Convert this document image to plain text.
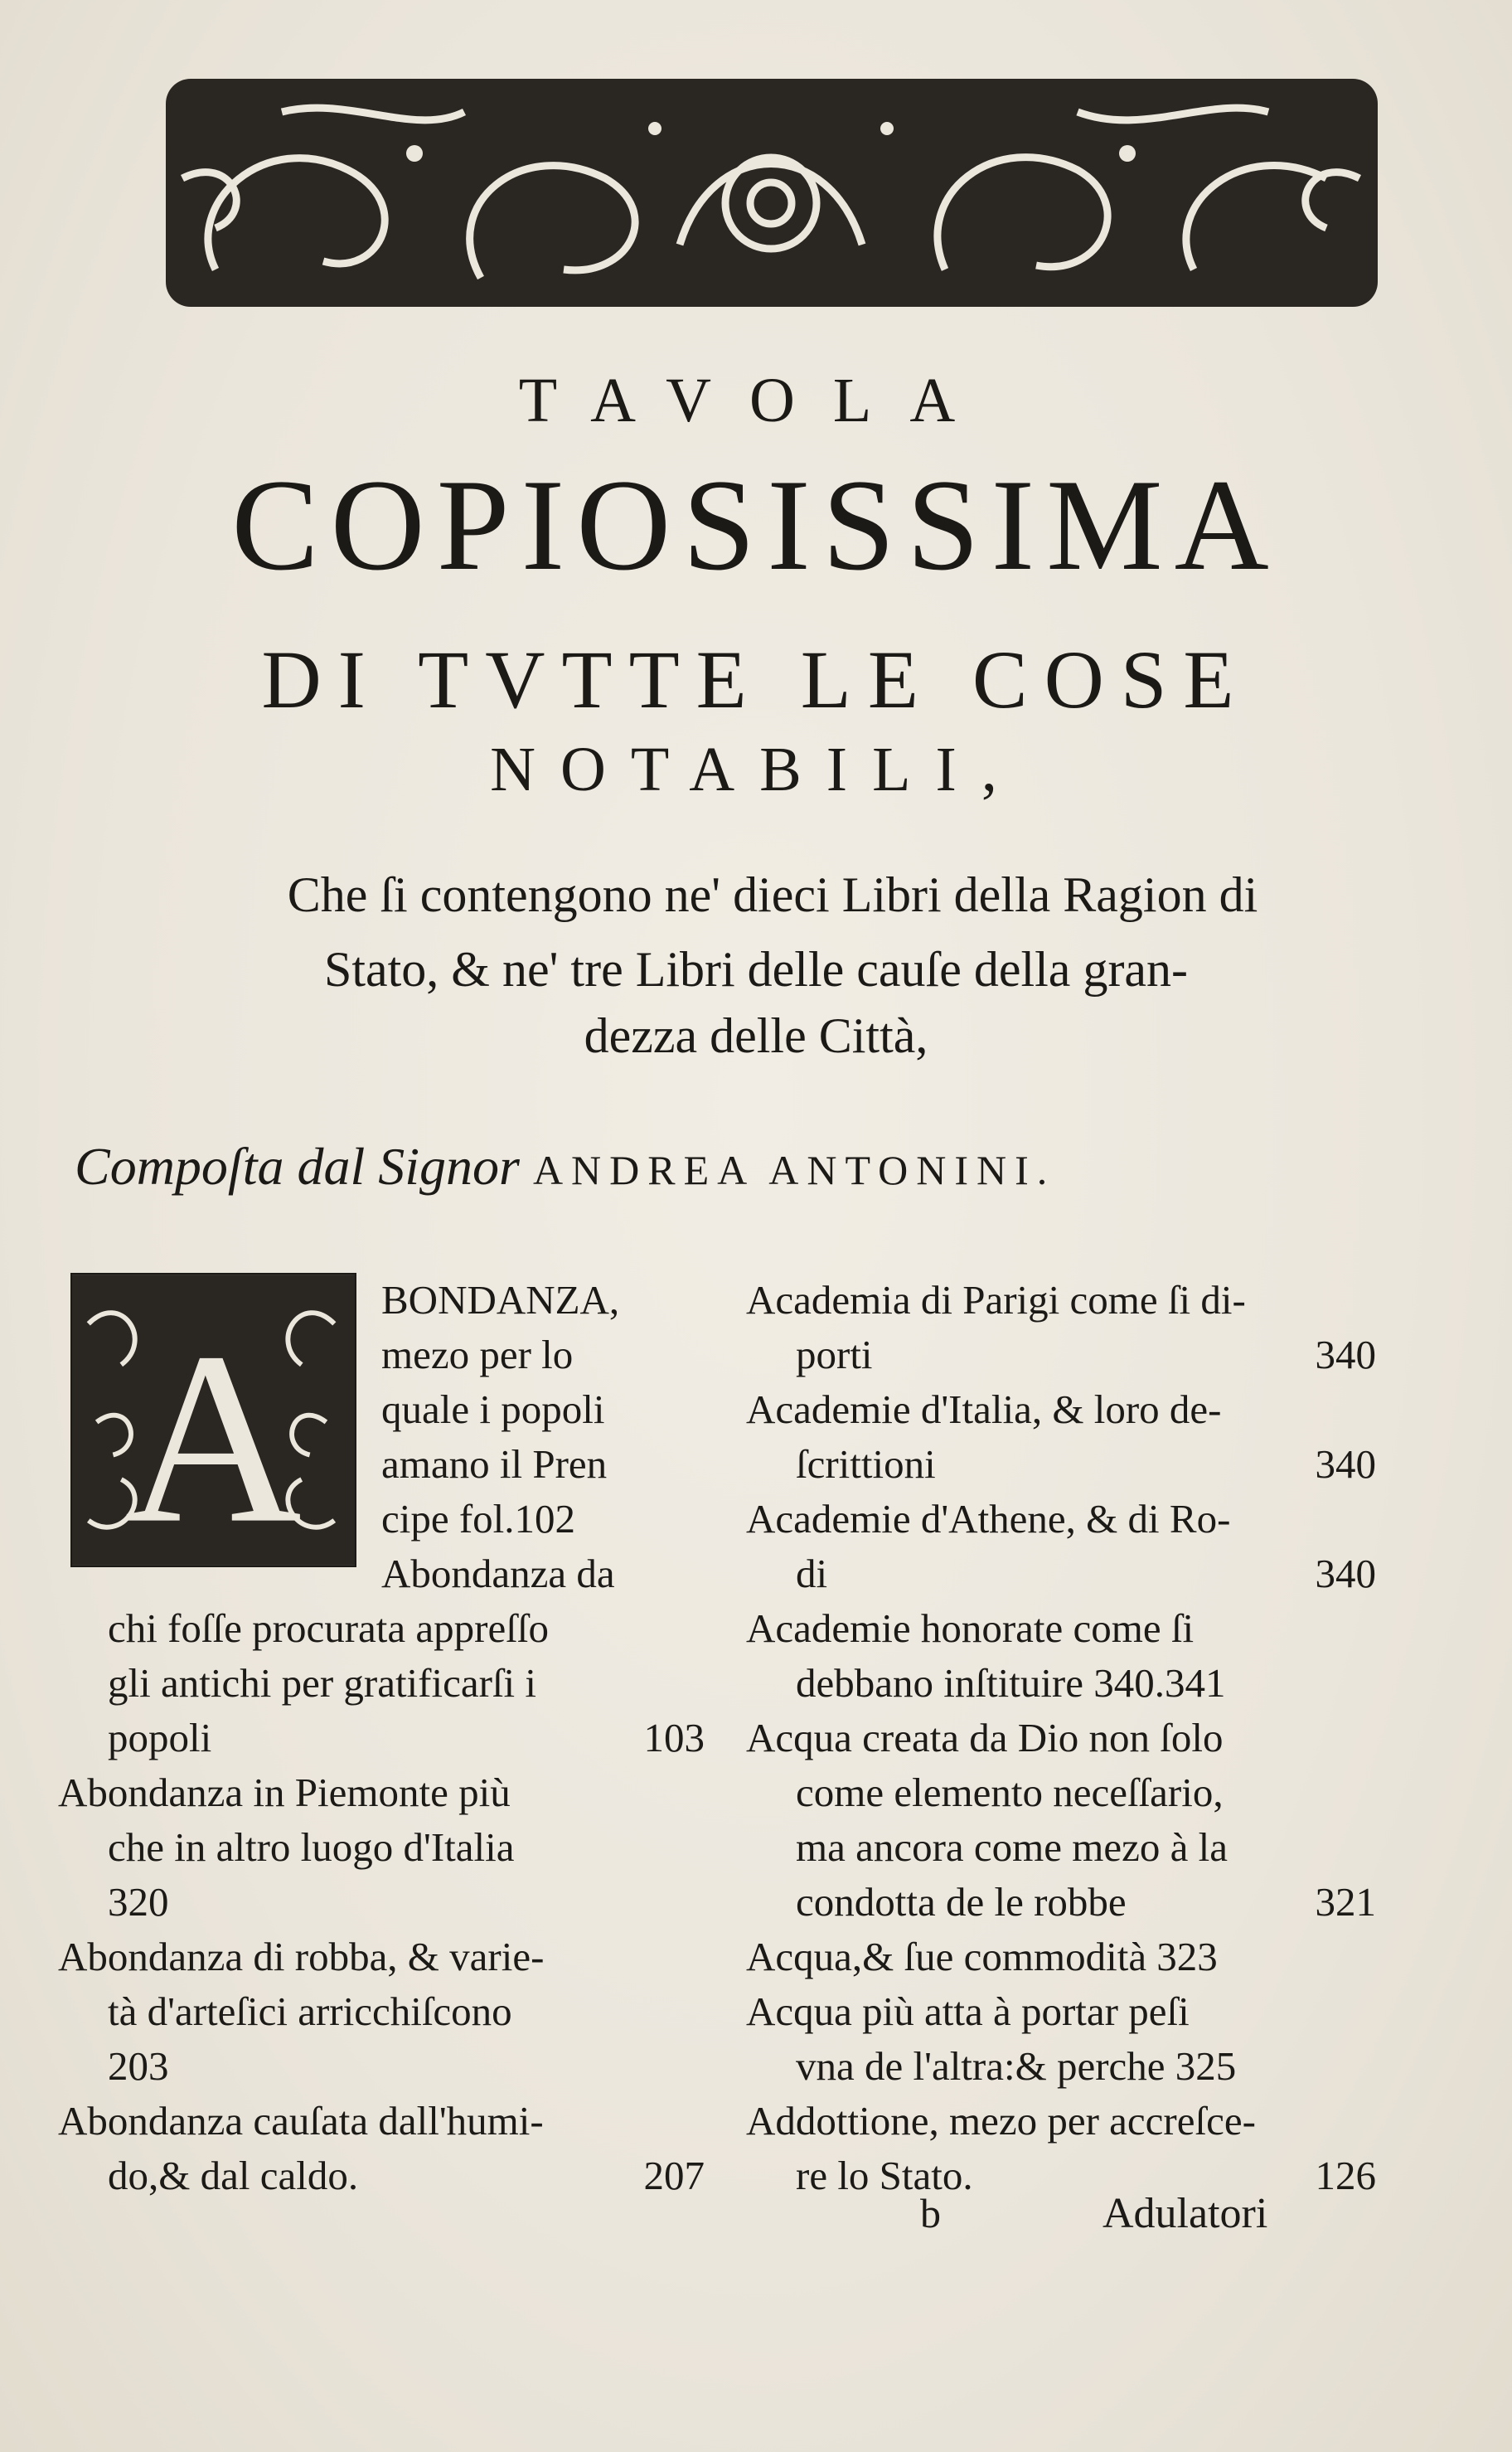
TAVOLA
COPIOSISSIMA
DI TVTTE LE COSE
NOTABILI,
Che ſi contengono ne' dieci Libri della Ragion di
Stato, & ne' tre Libri delle cauſe della gran-
dezza delle Città,
Compoſta dal Signor ANDREA ANTONINI.
A
BONDANZA,
mezo per lo
quale i popoli
amano il Pren
cipe fol.102
Abondanza da
chi foſſe procurata appreſſo
gli antichi per gratificarſi i
popoli	103
Abondanza in Piemonte più
che in altro luogo d'Italia
320
Abondanza di robba, & varie-
tà d'arteſici arricchiſcono
203
Abondanza cauſata dall'humi-
do,& dal caldo.	207
Academia di Parigi come ſi di-
porti	340
Academie d'Italia, & loro de-
ſcrittioni	340
Academie d'Athene, & di Ro-
di	340
Academie honorate come ſi
debbano inſtituire 340.341
Acqua creata da Dio non ſolo
come elemento neceſſario,
ma ancora come mezo à la
condotta de le robbe	321
Acqua,& ſue commodità 323
Acqua più atta à portar peſi
vna de l'altra:& perche 325
Addottione, mezo per accreſce-
re lo Stato.	126
b	Adulatori
